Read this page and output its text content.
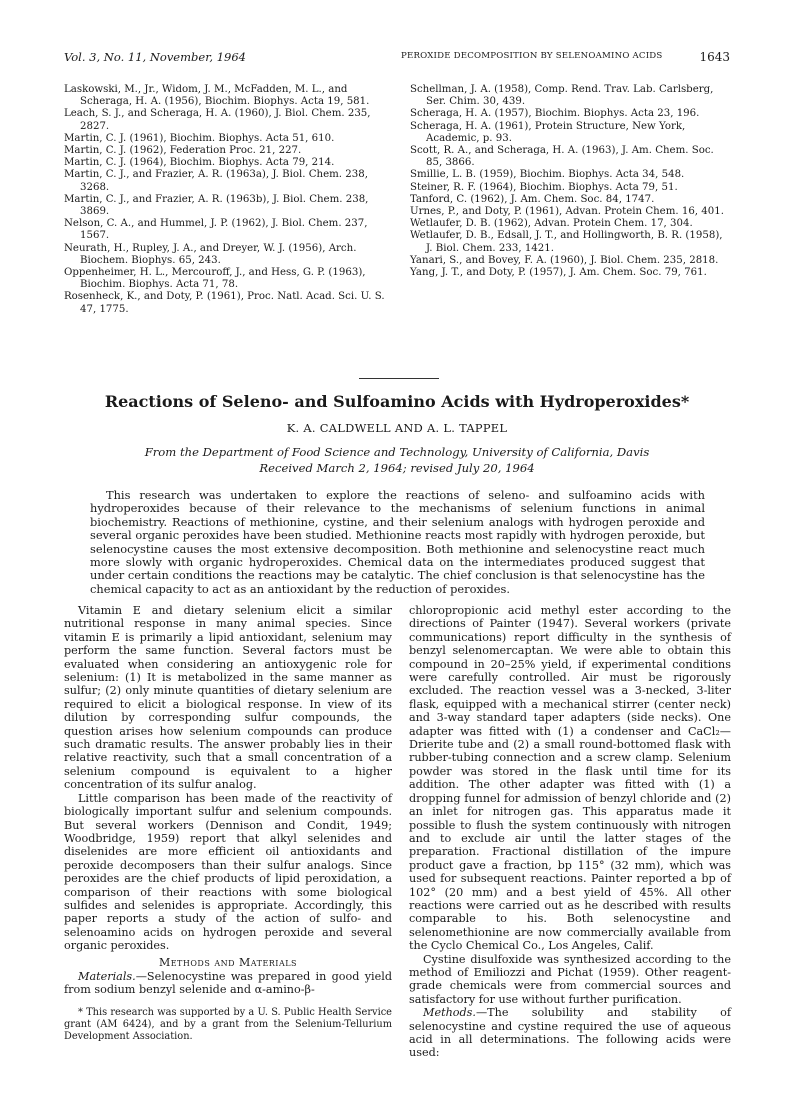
Vol. 3, No. 11, November, 1964	PEROXIDE DECOMPOSITION BY SELENOAMINO ACIDS	1643
Laskowski, M., Jr., Widom, J. M., McFadden, M. L., and Scheraga, H. A. (1956), Biochim. Biophys. Acta 19, 581.
Leach, S. J., and Scheraga, H. A. (1960), J. Biol. Chem. 235, 2827.
Martin, C. J. (1961), Biochim. Biophys. Acta 51, 610.
Martin, C. J. (1962), Federation Proc. 21, 227.
Martin, C. J. (1964), Biochim. Biophys. Acta 79, 214.
Martin, C. J., and Frazier, A. R. (1963a), J. Biol. Chem. 238, 3268.
Martin, C. J., and Frazier, A. R. (1963b), J. Biol. Chem. 238, 3869.
Nelson, C. A., and Hummel, J. P. (1962), J. Biol. Chem. 237, 1567.
Neurath, H., Rupley, J. A., and Dreyer, W. J. (1956), Arch. Biochem. Biophys. 65, 243.
Oppenheimer, H. L., Mercouroff, J., and Hess, G. P. (1963), Biochim. Biophys. Acta 71, 78.
Rosenheck, K., and Doty, P. (1961), Proc. Natl. Acad. Sci. U. S. 47, 1775.
Schellman, J. A. (1958), Comp. Rend. Trav. Lab. Carlsberg, Ser. Chim. 30, 439.
Scheraga, H. A. (1957), Biochim. Biophys. Acta 23, 196.
Scheraga, H. A. (1961), Protein Structure, New York, Academic, p. 93.
Scott, R. A., and Scheraga, H. A. (1963), J. Am. Chem. Soc. 85, 3866.
Smillie, L. B. (1959), Biochim. Biophys. Acta 34, 548.
Steiner, R. F. (1964), Biochim. Biophys. Acta 79, 51.
Tanford, C. (1962), J. Am. Chem. Soc. 84, 1747.
Urnes, P., and Doty, P. (1961), Advan. Protein Chem. 16, 401.
Wetlaufer, D. B. (1962), Advan. Protein Chem. 17, 304.
Wetlaufer, D. B., Edsall, J. T., and Hollingworth, B. R. (1958), J. Biol. Chem. 233, 1421.
Yanari, S., and Bovey, F. A. (1960), J. Biol. Chem. 235, 2818.
Yang, J. T., and Doty, P. (1957), J. Am. Chem. Soc. 79, 761.
Reactions of Seleno- and Sulfoamino Acids with Hydroperoxides*
K. A. CALDWELL AND A. L. TAPPEL
From the Department of Food Science and Technology, University of California, Davis
Received March 2, 1964; revised July 20, 1964

This research was undertaken to explore the reactions of seleno- and sulfoamino acids with hydroperoxides because of their relevance to the mechanisms of selenium functions in animal biochemistry. Reactions of methionine, cystine, and their selenium analogs with hydrogen peroxide and several organic peroxides have been studied. Methionine reacts most rapidly with hydrogen peroxide, but selenocystine causes the most extensive decomposition. Both methionine and selenocystine react much more slowly with organic hydroperoxides. Chemical data on the intermediates produced suggest that under certain conditions the reactions may be catalytic. The chief conclusion is that selenocystine has the chemical capacity to act as an antioxidant by the reduction of peroxides.

Vitamin E and dietary selenium elicit a similar nutritional response in many animal species. Since vitamin E is primarily a lipid antioxidant, selenium may perform the same function. Several factors must be evaluated when considering an antioxygenic role for selenium: (1) It is metabolized in the same manner as sulfur; (2) only minute quantities of dietary selenium are required to elicit a biological response. In view of its dilution by corresponding sulfur compounds, the question arises how selenium compounds can produce such dramatic results. The answer probably lies in their relative reactivity, such that a small concentration of a selenium compound is equivalent to a higher concentration of its sulfur analog.

Little comparison has been made of the reactivity of biologically important sulfur and selenium compounds. But several workers (Dennison and Condit, 1949; Woodbridge, 1959) report that alkyl selenides and diselenides are more efficient oil antioxidants and peroxide decomposers than their sulfur analogs. Since peroxides are the chief products of lipid peroxidation, a comparison of their reactions with some biological sulfides and selenides is appropriate. Accordingly, this paper reports a study of the action of sulfo- and selenoamino acids on hydrogen peroxide and several organic peroxides.

Methods and Materials

Materials.—Selenocystine was prepared in good yield from sodium benzyl selenide and α-amino-β-

* This research was supported by a U. S. Public Health Service grant (AM 6424), and by a grant from the Selenium-Tellurium Development Association.

chloropropionic acid methyl ester according to the directions of Painter (1947). Several workers (private communications) report difficulty in the synthesis of benzyl selenomercaptan. We were able to obtain this compound in 20–25% yield, if experimental conditions were carefully controlled. Air must be rigorously excluded. The reaction vessel was a 3-necked, 3-liter flask, equipped with a mechanical stirrer (center neck) and 3-way standard taper adapters (side necks). One adapter was fitted with (1) a condenser and CaCl₂—Drierite tube and (2) a small round-bottomed flask with rubber-tubing connection and a screw clamp. Selenium powder was stored in the flask until time for its addition. The other adapter was fitted with (1) a dropping funnel for admission of benzyl chloride and (2) an inlet for nitrogen gas. This apparatus made it possible to flush the system continuously with nitrogen and to exclude air until the latter stages of the preparation. Fractional distillation of the impure product gave a fraction, bp 115° (32 mm), which was used for subsequent reactions. Painter reported a bp of 102° (20 mm) and a best yield of 45%. All other reactions were carried out as he described with results comparable to his. Both selenocystine and selenomethionine are now commercially available from the Cyclo Chemical Co., Los Angeles, Calif.

Cystine disulfoxide was synthesized according to the method of Emiliozzi and Pichat (1959). Other reagent-grade chemicals were from commercial sources and satisfactory for use without further purification.

Methods.—The solubility and stability of selenocystine and cystine required the use of aqueous acid in all determinations. The following acids were used:
